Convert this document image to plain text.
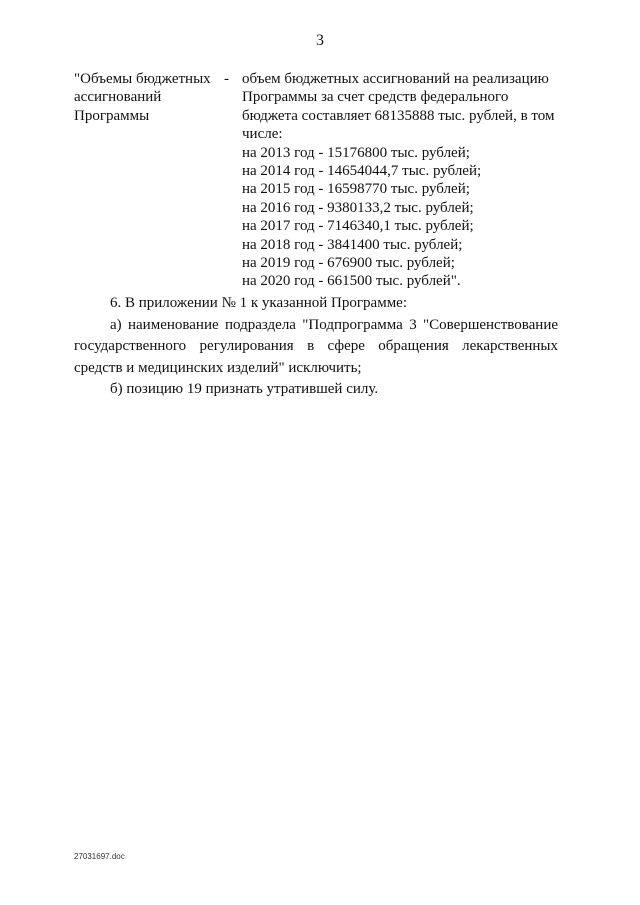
3
"Объемы бюджетных
ассигнований
Программы
- объем бюджетных ассигнований на реализацию
Программы за счет средств федерального
бюджета составляет 68135888 тыс. рублей, в том
числе:
на 2013 год - 15176800 тыс. рублей;
на 2014 год - 14654044,7 тыс. рублей;
на 2015 год - 16598770 тыс. рублей;
на 2016 год - 9380133,2 тыс. рублей;
на 2017 год - 7146340,1 тыс. рублей;
на 2018 год - 3841400 тыс. рублей;
на 2019 год - 676900 тыс. рублей;
на 2020 год - 661500 тыс. рублей".

6. В приложении № 1 к указанной Программе:

а) наименование подраздела "Подпрограмма 3 "Совершенствование

государственного регулирования в сфере обращения лекарственных

средств и медицинских изделий" исключить;

б) позицию 19 признать утратившей силу.

27031697.doc
